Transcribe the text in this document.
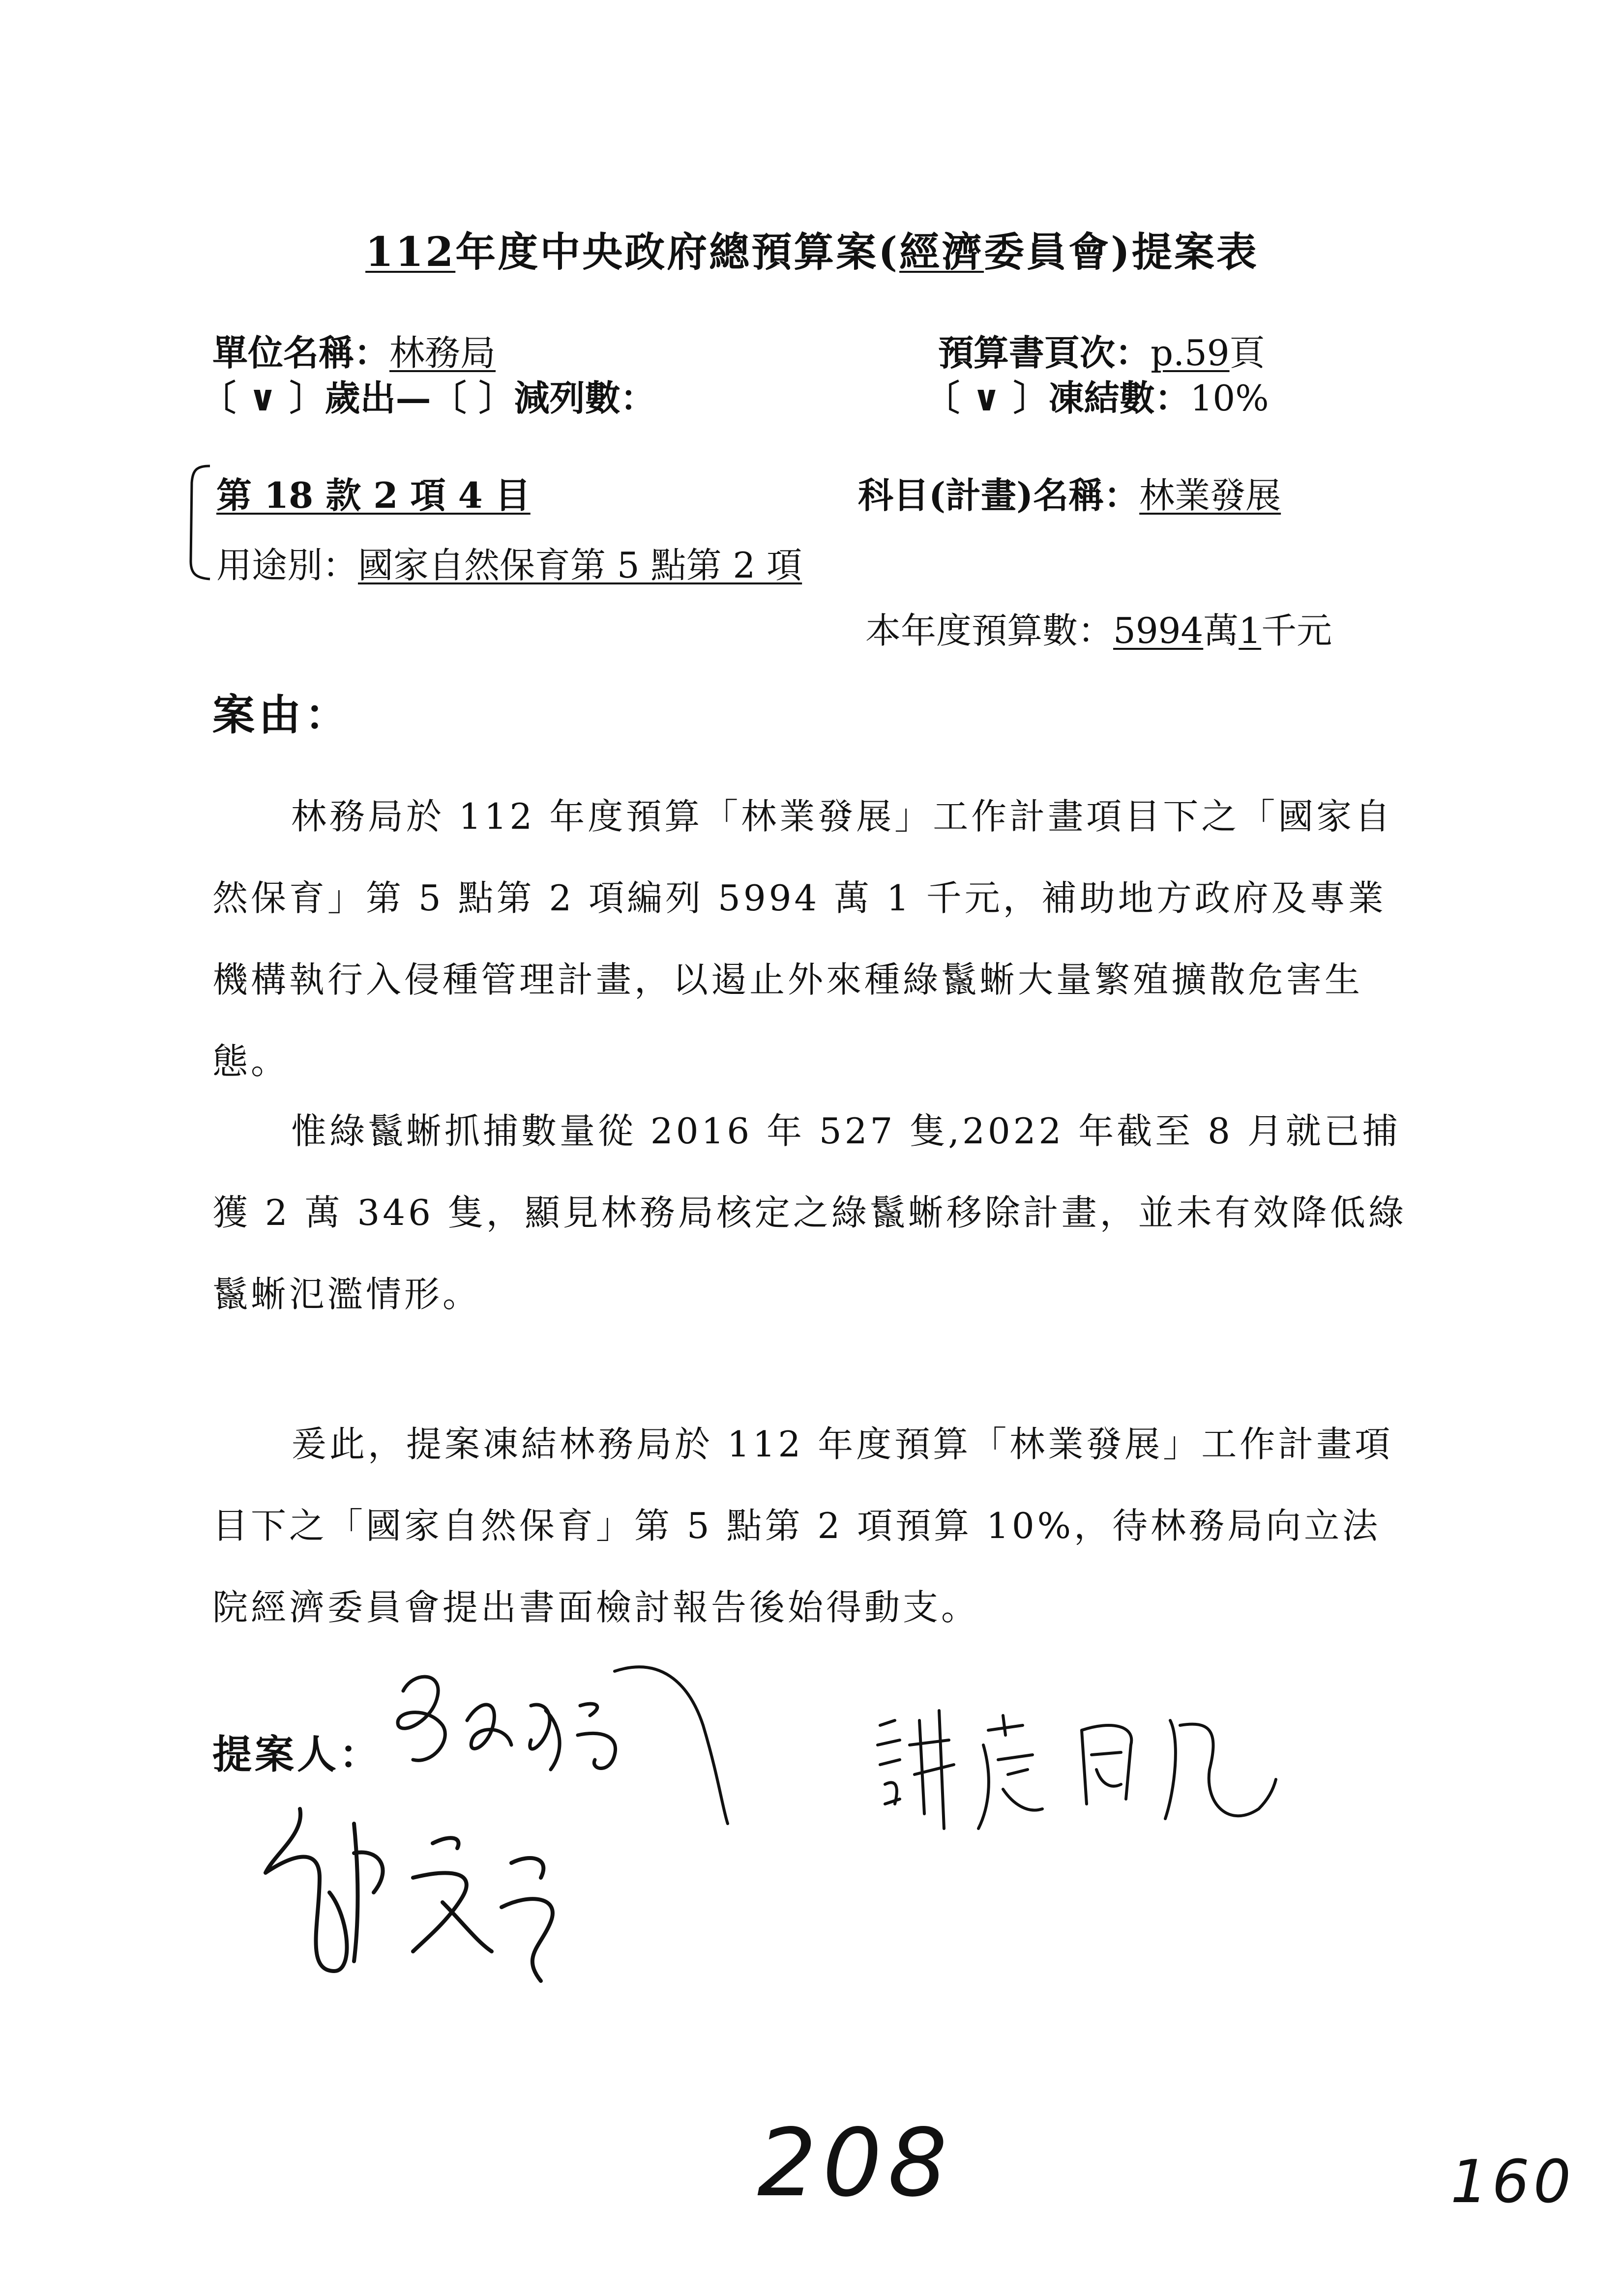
112年度中央政府總預算案(經濟委員會)提案表
單位名稱：林務局	預算書頁次：p.59頁
〔 ∨ 〕歲出—〔 〕減列數：	〔 ∨ 〕凍結數：10%
第 18 款 2 項 4 目	科目(計畫)名稱：林業發展
用途別：國家自然保育第 5 點第 2 項
本年度預算數：5994萬1千元
案由：
林務局於 112 年度預算「林業發展」工作計畫項目下之「國家自然保育」第 5 點第 2 項編列 5994 萬 1 千元，補助地方政府及專業機構執行入侵種管理計畫，以遏止外來種綠鬣蜥大量繁殖擴散危害生態。
惟綠鬣蜥抓捕數量從 2016 年 527 隻,2022 年截至 8 月就已捕獲 2 萬 346 隻，顯見林務局核定之綠鬣蜥移除計畫，並未有效降低綠鬣蜥氾濫情形。
爰此，提案凍結林務局於 112 年度預算「林業發展」工作計畫項目下之「國家自然保育」第 5 點第 2 項預算 10%，待林務局向立法院經濟委員會提出書面檢討報告後始得動支。
提案人：
208	160
